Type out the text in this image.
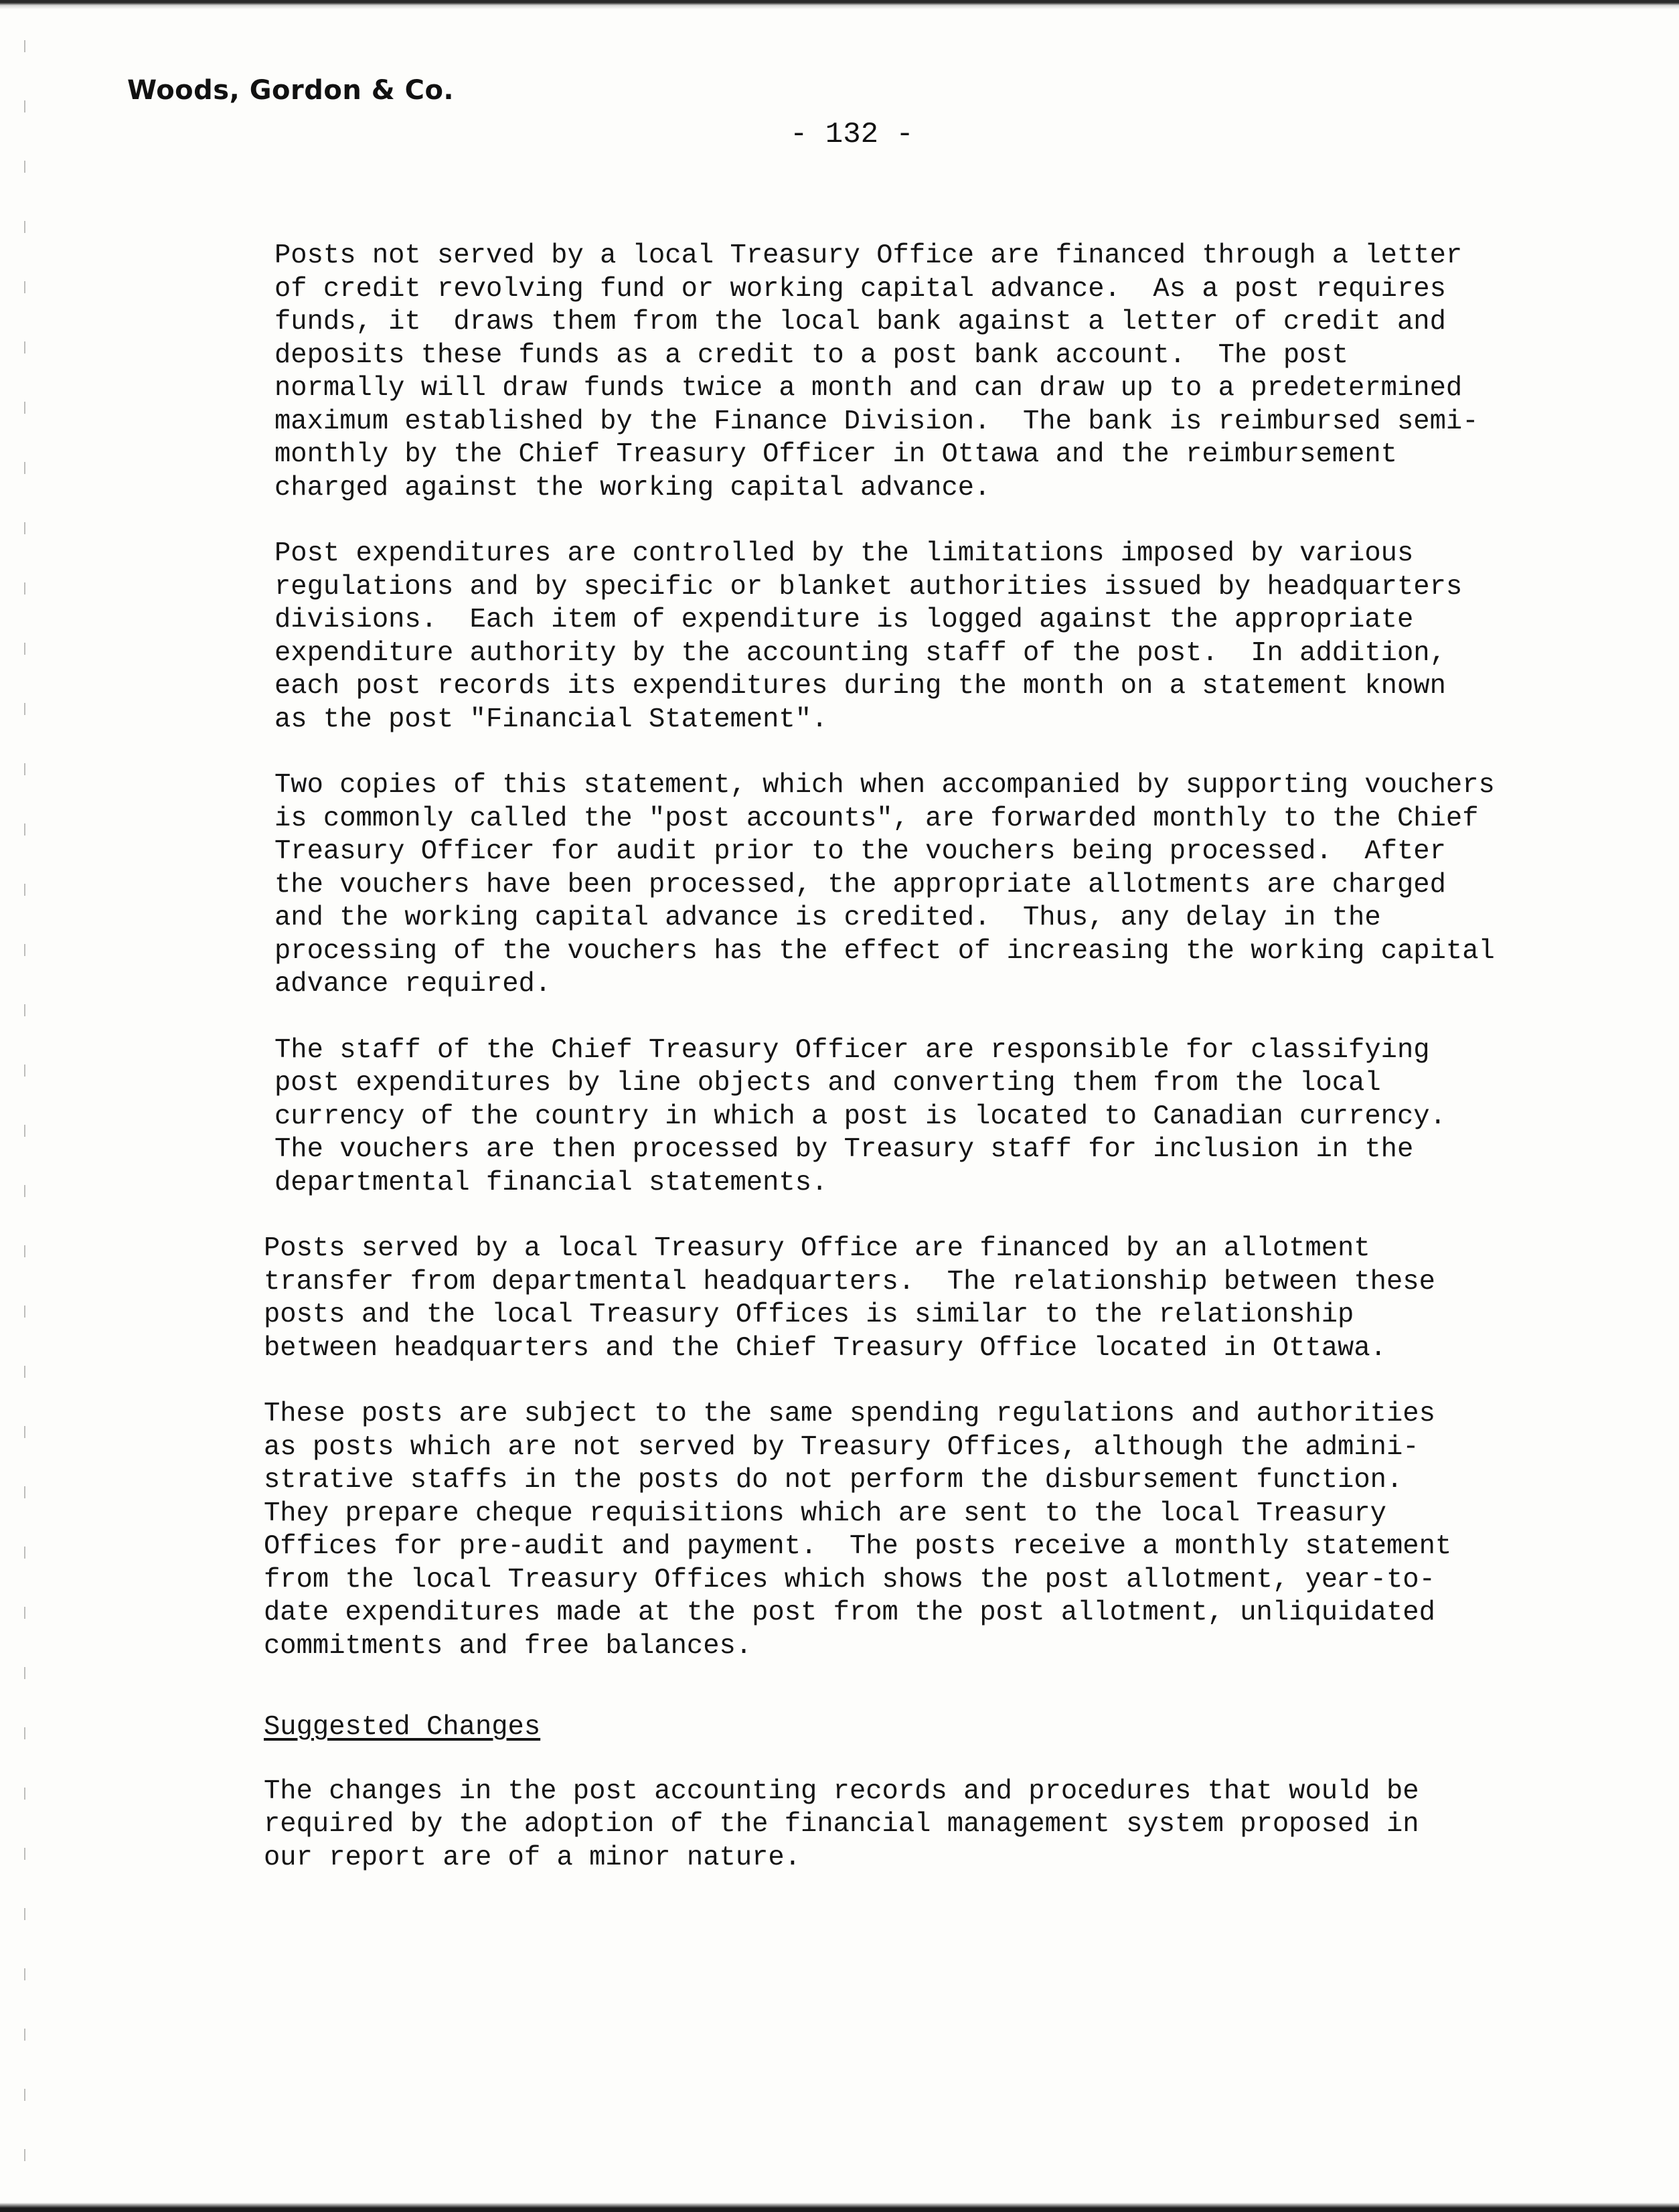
Woods, Gordon & Co.
- 132 -
Posts not served by a local Treasury Office are financed through a letter
of credit revolving fund or working capital advance.  As a post requires
funds, it  draws them from the local bank against a letter of credit and
deposits these funds as a credit to a post bank account.  The post
normally will draw funds twice a month and can draw up to a predetermined
maximum established by the Finance Division.  The bank is reimbursed semi-
monthly by the Chief Treasury Officer in Ottawa and the reimbursement
charged against the working capital advance.
Post expenditures are controlled by the limitations imposed by various
regulations and by specific or blanket authorities issued by headquarters
divisions.  Each item of expenditure is logged against the appropriate
expenditure authority by the accounting staff of the post.  In addition,
each post records its expenditures during the month on a statement known
as the post "Financial Statement".
Two copies of this statement, which when accompanied by supporting vouchers
is commonly called the "post accounts", are forwarded monthly to the Chief
Treasury Officer for audit prior to the vouchers being processed.  After
the vouchers have been processed, the appropriate allotments are charged
and the working capital advance is credited.  Thus, any delay in the
processing of the vouchers has the effect of increasing the working capital
advance required.
The staff of the Chief Treasury Officer are responsible for classifying
post expenditures by line objects and converting them from the local
currency of the country in which a post is located to Canadian currency.
The vouchers are then processed by Treasury staff for inclusion in the
departmental financial statements.
Posts served by a local Treasury Office are financed by an allotment
transfer from departmental headquarters.  The relationship between these
posts and the local Treasury Offices is similar to the relationship
between headquarters and the Chief Treasury Office located in Ottawa.
These posts are subject to the same spending regulations and authorities
as posts which are not served by Treasury Offices, although the admini-
strative staffs in the posts do not perform the disbursement function.
They prepare cheque requisitions which are sent to the local Treasury
Offices for pre-audit and payment.  The posts receive a monthly statement
from the local Treasury Offices which shows the post allotment, year-to-
date expenditures made at the post from the post allotment, unliquidated
commitments and free balances.
Suggested Changes
The changes in the post accounting records and procedures that would be
required by the adoption of the financial management system proposed in
our report are of a minor nature.
